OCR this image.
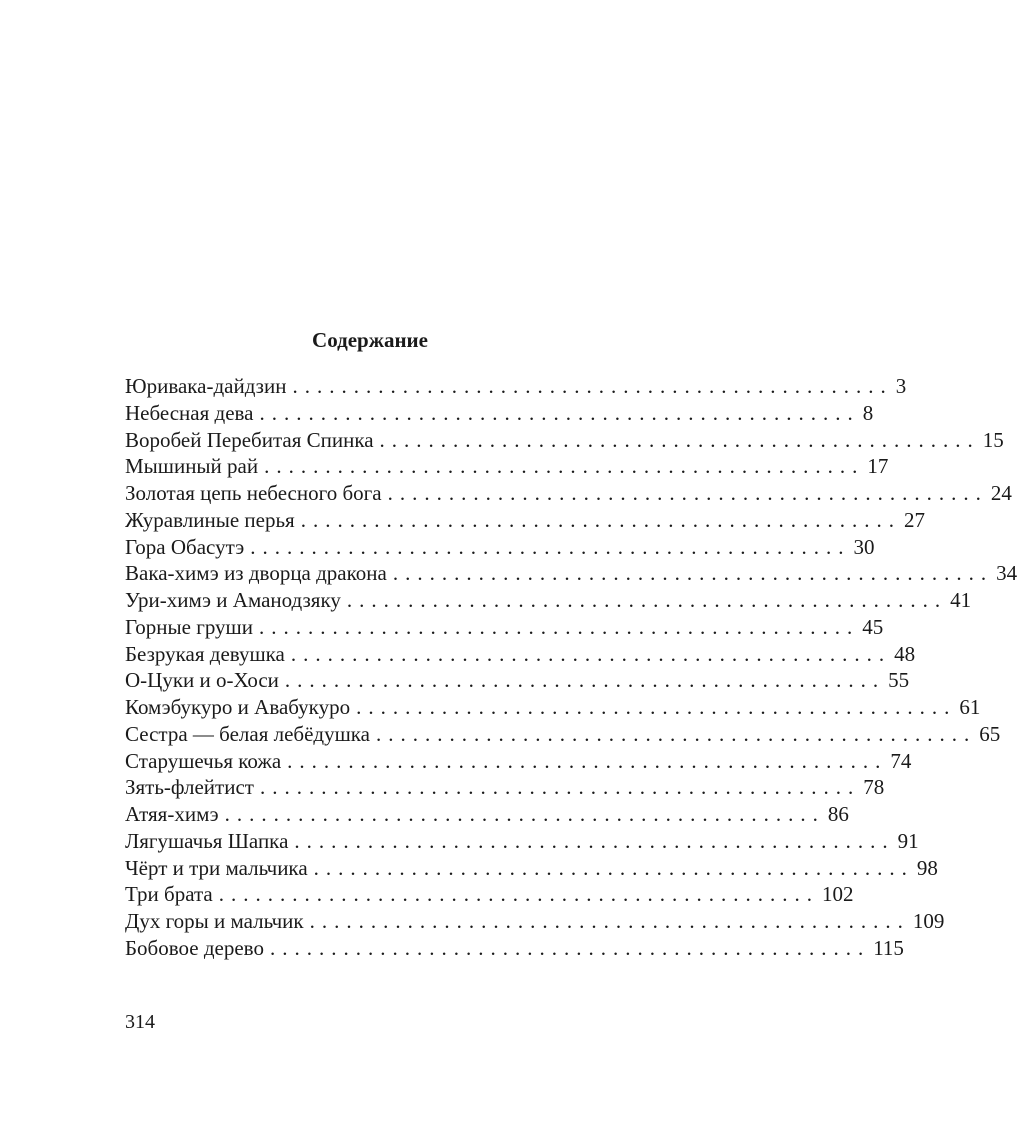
Содержание
Юривака-дайдзин ................................................. 3
Небесная дева ................................................. 8
Воробей Перебитая Спинка ................................................. 15
Мышиный рай ................................................. 17
Золотая цепь небесного бога ................................................. 24
Журавлиные перья ................................................. 27
Гора Обасутэ ................................................. 30
Вака-химэ из дворца дракона ................................................. 34
Ури-химэ и Аманодзяку ................................................. 41
Горные груши ................................................. 45
Безрукая девушка ................................................. 48
О-Цуки и о-Хоси ................................................. 55
Комэбукуро и Авабукуро ................................................. 61
Сестра — белая лебёдушка ................................................. 65
Старушечья кожа ................................................. 74
Зять-флейтист ................................................. 78
Атяя-химэ ................................................. 86
Лягушачья Шапка ................................................. 91
Чёрт и три мальчика ................................................. 98
Три брата ................................................. 102
Дух горы и мальчик ................................................. 109
Бобовое дерево ................................................. 115
314
